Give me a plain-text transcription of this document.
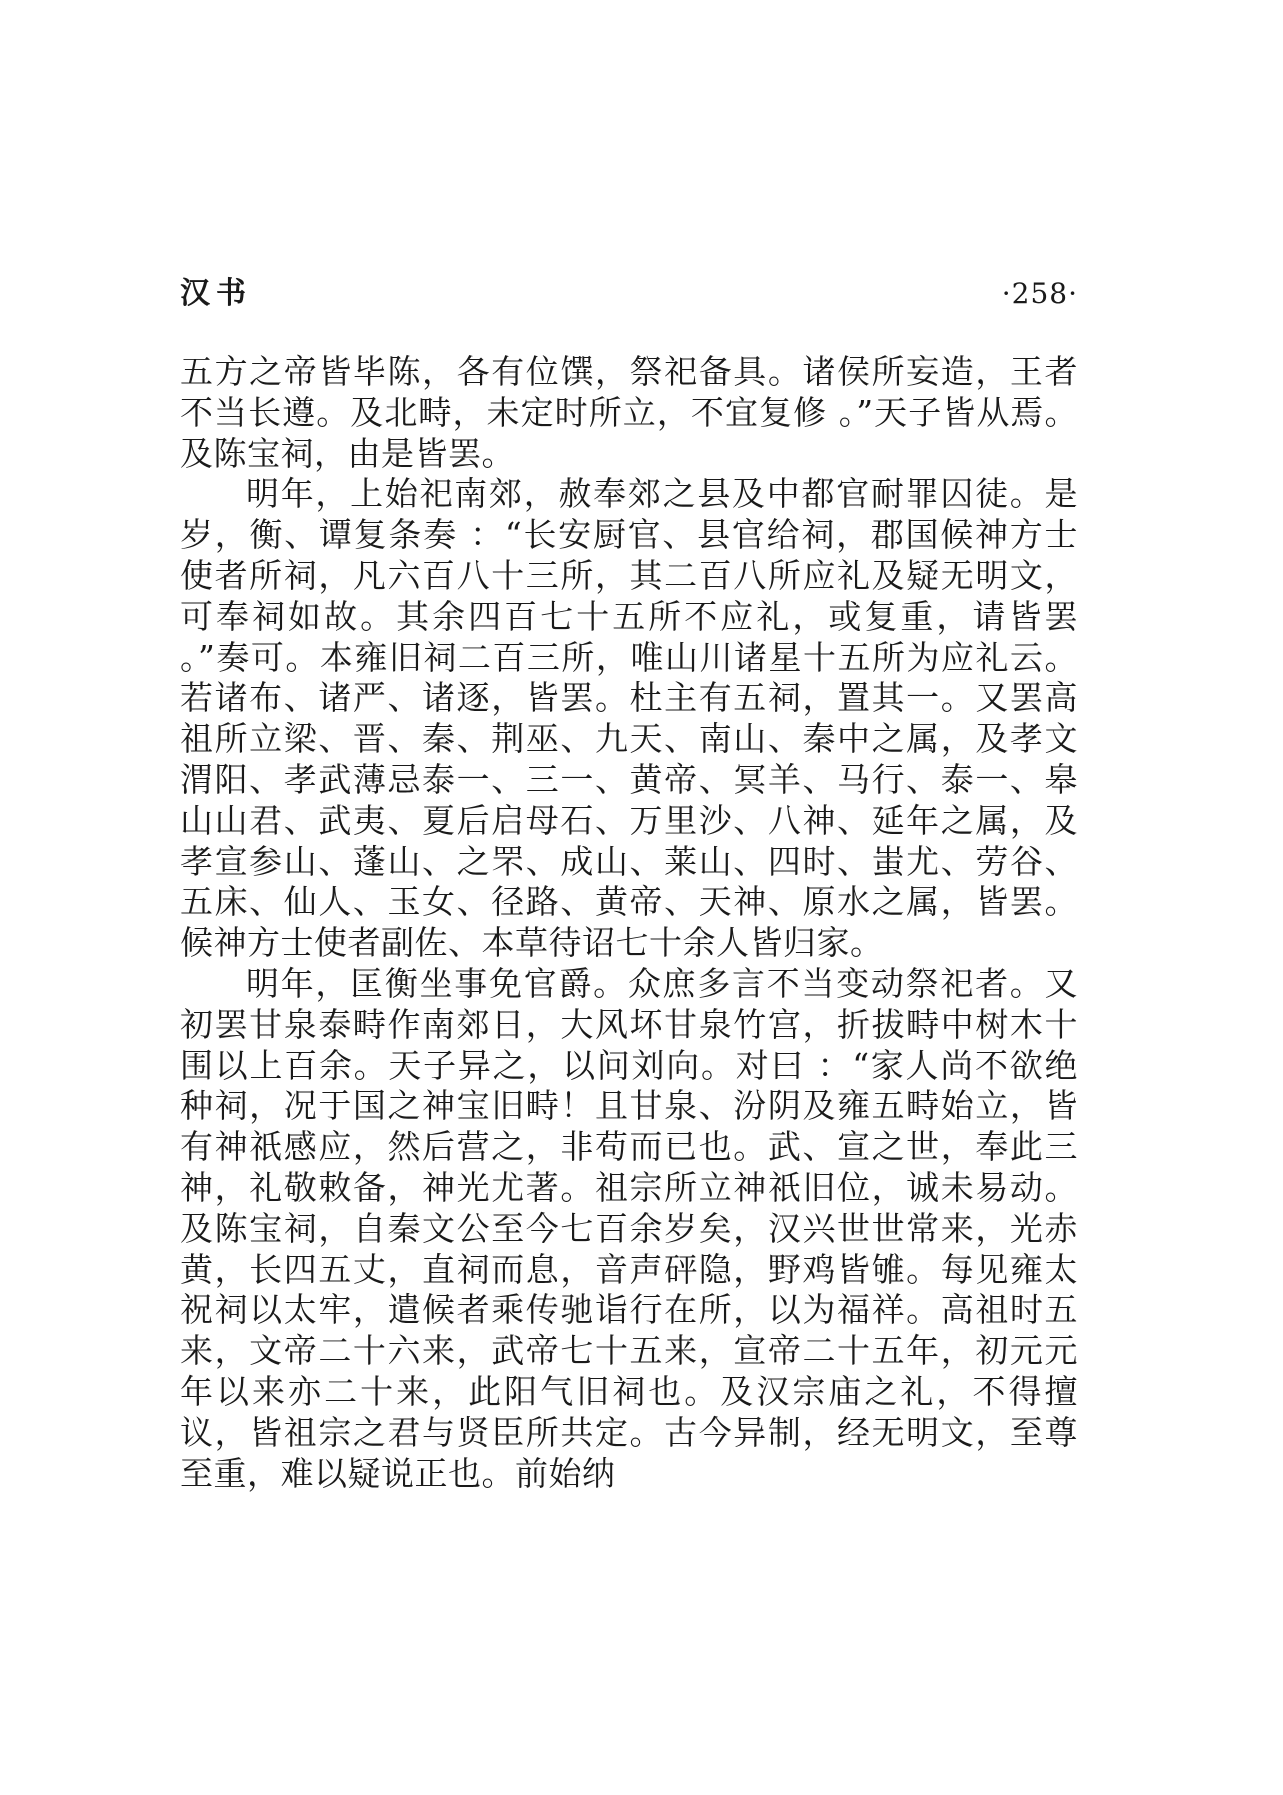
汉书	·258·

五方之帝皆毕陈，各有位馔，祭祀备具。诸侯所妄造，王者不当长遵。及北畤，未定时所立，不宜复修 。”天子皆从焉。及陈宝祠，由是皆罢。

明年，上始祀南郊，赦奉郊之县及中都官耐罪囚徒。是岁，衡、谭复条奏 ：“长安厨官、县官给祠，郡国候神方士使者所祠，凡六百八十三所，其二百八所应礼及疑无明文，可奉祠如故。其余四百七十五所不应礼，或复重，请皆罢 。”奏可。本雍旧祠二百三所，唯山川诸星十五所为应礼云。若诸布、诸严、诸逐，皆罢。杜主有五祠，置其一。又罢高祖所立梁、晋、秦、荆巫、九天、南山、秦中之属，及孝文渭阳、孝武薄忌泰一、三一、黄帝、冥羊、马行、泰一、皋山山君、武夷、夏后启母石、万里沙、八神、延年之属，及孝宣参山、蓬山、之罘、成山、莱山、四时、蚩尤、劳谷、五床、仙人、玉女、径路、黄帝、天神、原水之属，皆罢。候神方士使者副佐、本草待诏七十余人皆归家。

明年，匡衡坐事免官爵。众庶多言不当变动祭祀者。又初罢甘泉泰畤作南郊日，大风坏甘泉竹宫，折拔畤中树木十围以上百余。天子异之，以问刘向。对曰 ：“家人尚不欲绝种祠，况于国之神宝旧畤！且甘泉、汾阴及雍五畤始立，皆有神祇感应，然后营之，非苟而已也。武、宣之世，奉此三神，礼敬敕备，神光尤著。祖宗所立神祇旧位，诚未易动。及陈宝祠，自秦文公至今七百余岁矣，汉兴世世常来，光赤黄，长四五丈，直祠而息，音声砰隐，野鸡皆雊。每见雍太祝祠以太牢，遣候者乘传驰诣行在所，以为福祥。高祖时五来，文帝二十六来，武帝七十五来，宣帝二十五年，初元元年以来亦二十来，此阳气旧祠也。及汉宗庙之礼，不得擅议，皆祖宗之君与贤臣所共定。古今异制，经无明文，至尊至重，难以疑说正也。前始纳
